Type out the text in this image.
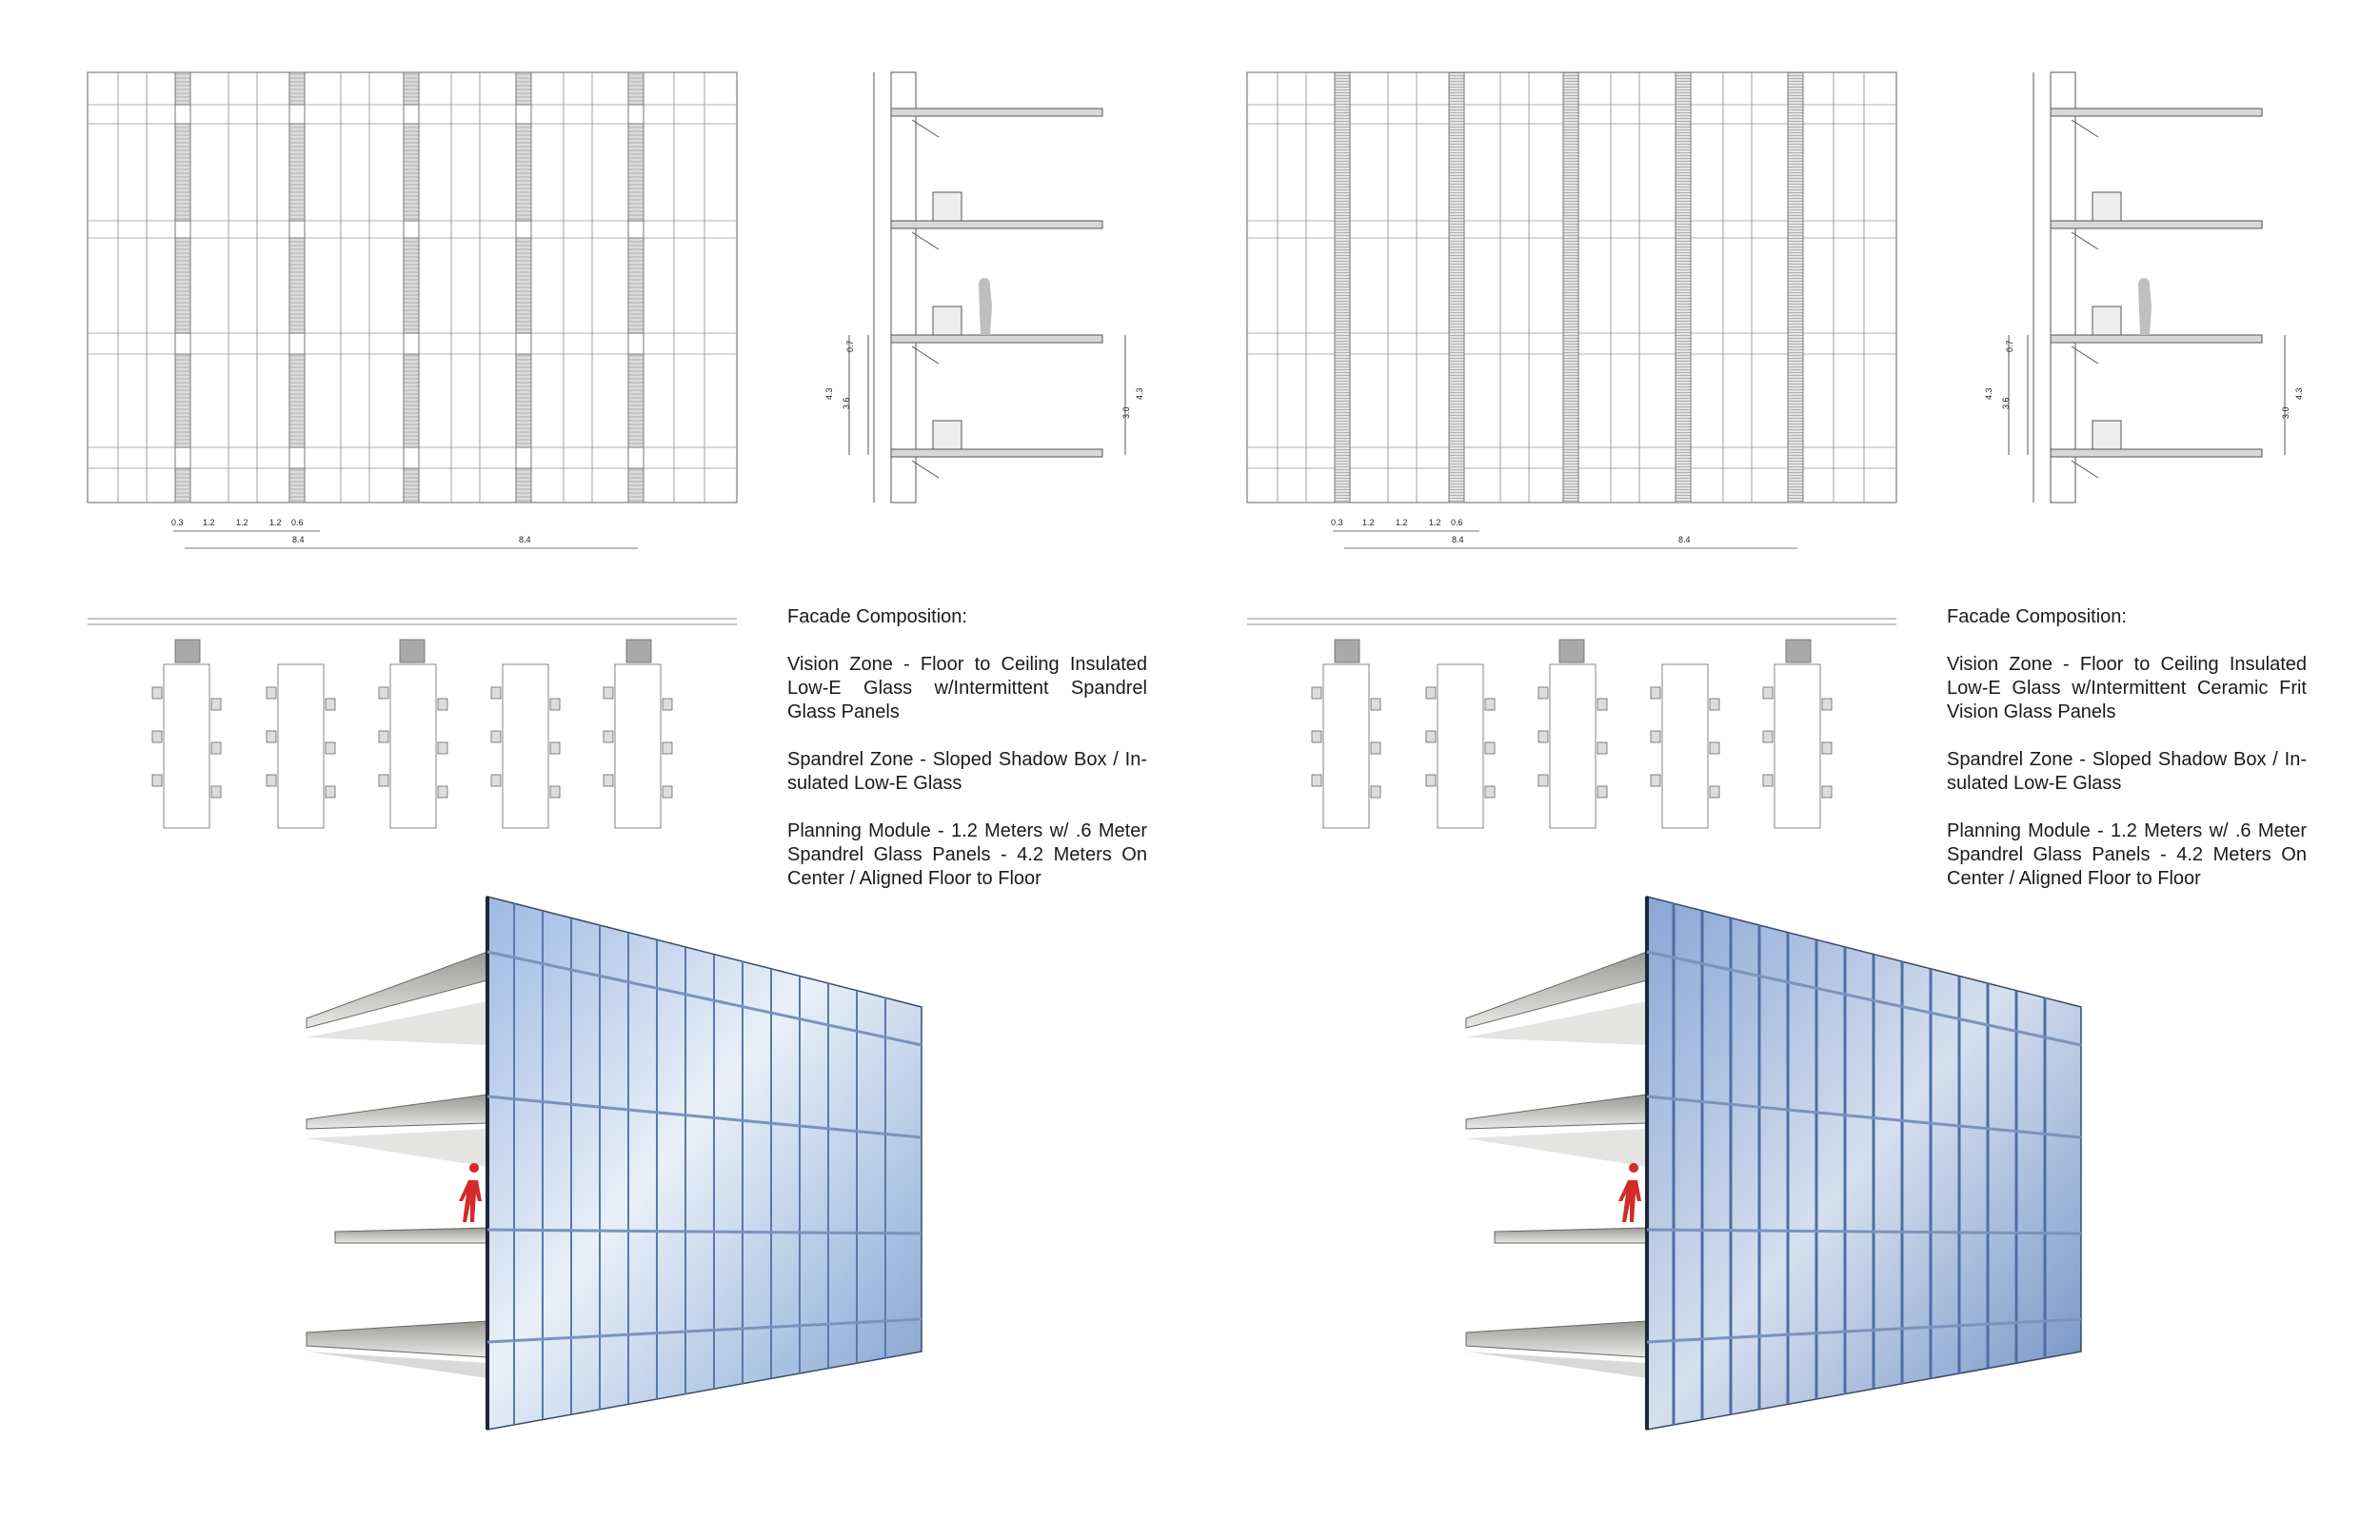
0.3 1.2 1.2 1.2 0.6
8.4	8.4
4.3
3.6
0.7
3.0
4.3
Facade Composition:
Vision Zone - Floor to Ceiling Insulated Low-E Glass w/Intermittent Spandrel Glass Panels
Spandrel Zone - Sloped Shadow Box / In-sulated Low-E Glass
Planning Module - 1.2 Meters w/ .6 Meter Spandrel Glass Panels - 4.2 Meters On Center / Aligned Floor to Floor
0.3 1.2 1.2 1.2 0.6
8.4	8.4
4.3
3.6
0.7
3.0
4.3
Facade Composition:
Vision Zone - Floor to Ceiling Insulated Low-E Glass w/Intermittent Ceramic Frit Vision Glass Panels
Spandrel Zone - Sloped Shadow Box / In-sulated Low-E Glass
Planning Module - 1.2 Meters w/ .6 Meter Spandrel Glass Panels - 4.2 Meters On Center / Aligned Floor to Floor
